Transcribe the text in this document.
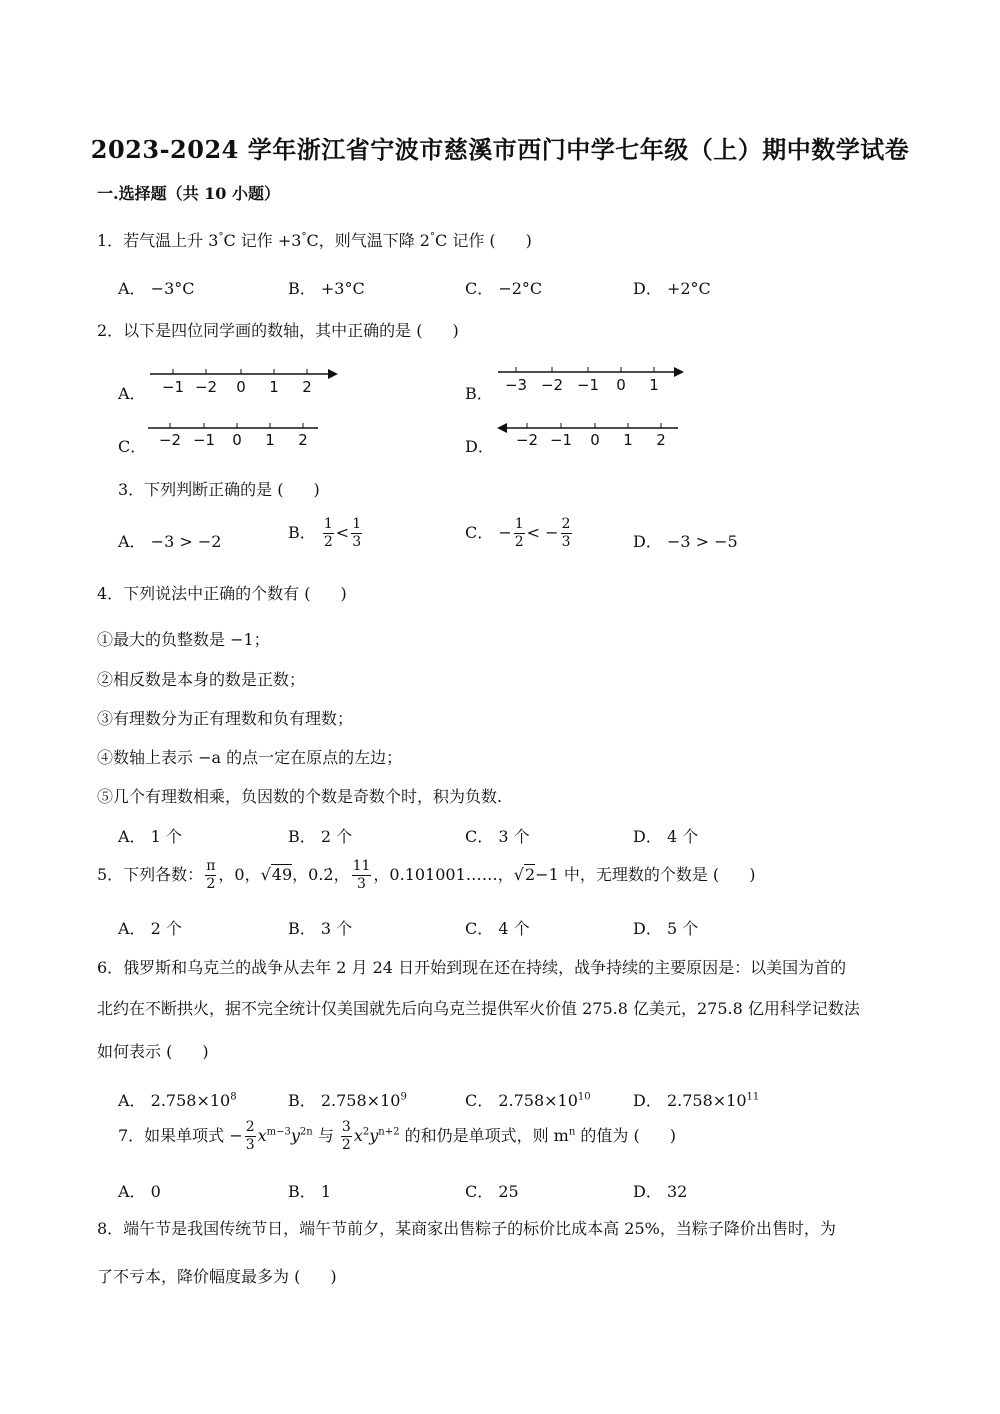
2023-2024 学年浙江省宁波市慈溪市西门中学七年级（上）期中数学试卷
一.选择题（共 10 小题）
1．若气温上升 3°C 记作 +3°C，则气温下降 2°C 记作 ( )
A． −3°C	B． +3°C	C． −2°C	D． +2°C
2．以下是四位同学画的数轴，其中正确的是 ( )
A． −1 −2 0 1 2	B． −3 −2 −1 0 1
C． −2 −1 0 1 2	D． −2 −1 0 1 2
3．下列判断正确的是 ( )
A． −3 > −2	B． $\frac{1}{2} < \frac{1}{3}$	C． − $\frac{1}{2}$ < − $\frac{2}{3}$	D． −3 > −5
4．下列说法中正确的个数有 ( )
①最大的负整数是 −1；
②相反数是本身的数是正数；
③有理数分为正有理数和负有理数；
④数轴上表示 −a 的点一定在原点的左边；
⑤几个有理数相乘，负因数的个数是奇数个时，积为负数.
A． 1 个	B． 2 个	C． 3 个	D． 4 个
5．下列各数： $\frac{\pi}{2}$ ，0，√49，0.2̇， $\frac{11}{3}$ ，0.101001……，√2−1 中，无理数的个数是 ( )
A． 2 个	B． 3 个	C． 4 个	D． 5 个
6．俄罗斯和乌克兰的战争从去年 2 月 24 日开始到现在还在持续，战争持续的主要原因是：以美国为首的
北约在不断拱火，据不完全统计仅美国就先后向乌克兰提供军火价值 275.8 亿美元，275.8 亿用科学记数法
如何表示 ( )
A． $2.758\times 10^8$	B． $2.758\times 10^9$	C． $2.758\times 10^{10}$	D． $2.758\times 10^{11}$
7．如果单项式 − $\frac{2}{3} x^{m-3}y^{2n}$ 与 $\frac{3}{2} x^2y^{n+2}$ 的和仍是单项式，则 $m^n$ 的值为 ( )
A． 0	B． 1	C． 25	D． 32
8．端午节是我国传统节日，端午节前夕，某商家出售粽子的标价比成本高 25%，当粽子降价出售时，为
了不亏本，降价幅度最多为 ( )
